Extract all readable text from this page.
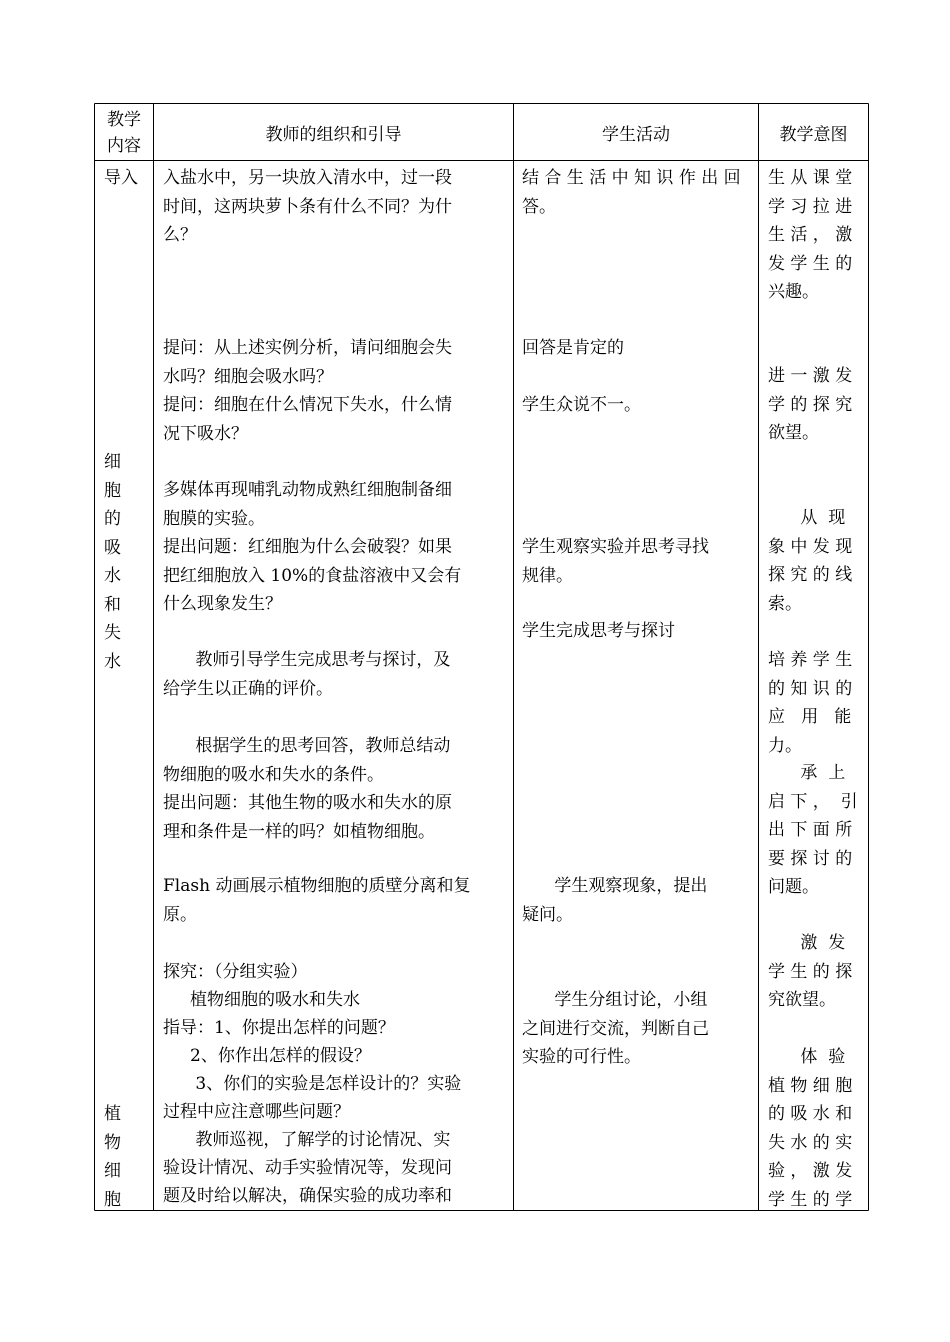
教学
内容
教师的组织和引导	学生活动	教学意图
导入
细
胞
的
吸
水
和
失
水
植
物
细
胞
入盐水中，另一块放入清水中，过一段
时间，这两块萝卜条有什么不同？为什
么？
提问：从上述实例分析，请问细胞会失
水吗？细胞会吸水吗？
提问：细胞在什么情况下失水，什么情
况下吸水？
多媒体再现哺乳动物成熟红细胞制备细
胞膜的实验。
提出问题：红细胞为什么会破裂？如果
把红细胞放入 10%的食盐溶液中又会有
什么现象发生？
教师引导学生完成思考与探讨，及
给学生以正确的评价。
根据学生的思考回答，教师总结动
物细胞的吸水和失水的条件。
提出问题：其他生物的吸水和失水的原
理和条件是一样的吗？如植物细胞。
Flash 动画展示植物细胞的质壁分离和复
原。
探究：（分组实验）
植物细胞的吸水和失水
指导：1、你提出怎样的问题？
2、你作出怎样的假设？
3、你们的实验是怎样设计的？实验
过程中应注意哪些问题？
教师巡视，了解学的讨论情况、实
验设计情况、动手实验情况等，发现问
题及时给以解决，确保实验的成功率和
结 合 生 活 中 知 识 作 出 回
答。
回答是肯定的
学生众说不一。
学生观察实验并思考寻找
规律。
学生完成思考与探讨
学生观察现象，提出
疑问。
学生分组讨论，小组
之间进行交流，判断自己
实验的可行性。
生 从 课 堂
学 习 拉 进
生 活 ， 激
发 学 生 的
兴趣。
进 一 激 发
学 的 探 究
欲望。
从  现
象 中 发 现
探 究 的 线
索。
培 养 学 生
的 知 识 的
应   用   能
力。
承  上
启 下 ，  引
出 下 面 所
要 探 讨 的
问题。
激  发
学 生 的 探
究欲望。
体  验
植 物 细 胞
的 吸 水 和
失 水 的 实
验 ， 激 发
学 生 的 学
